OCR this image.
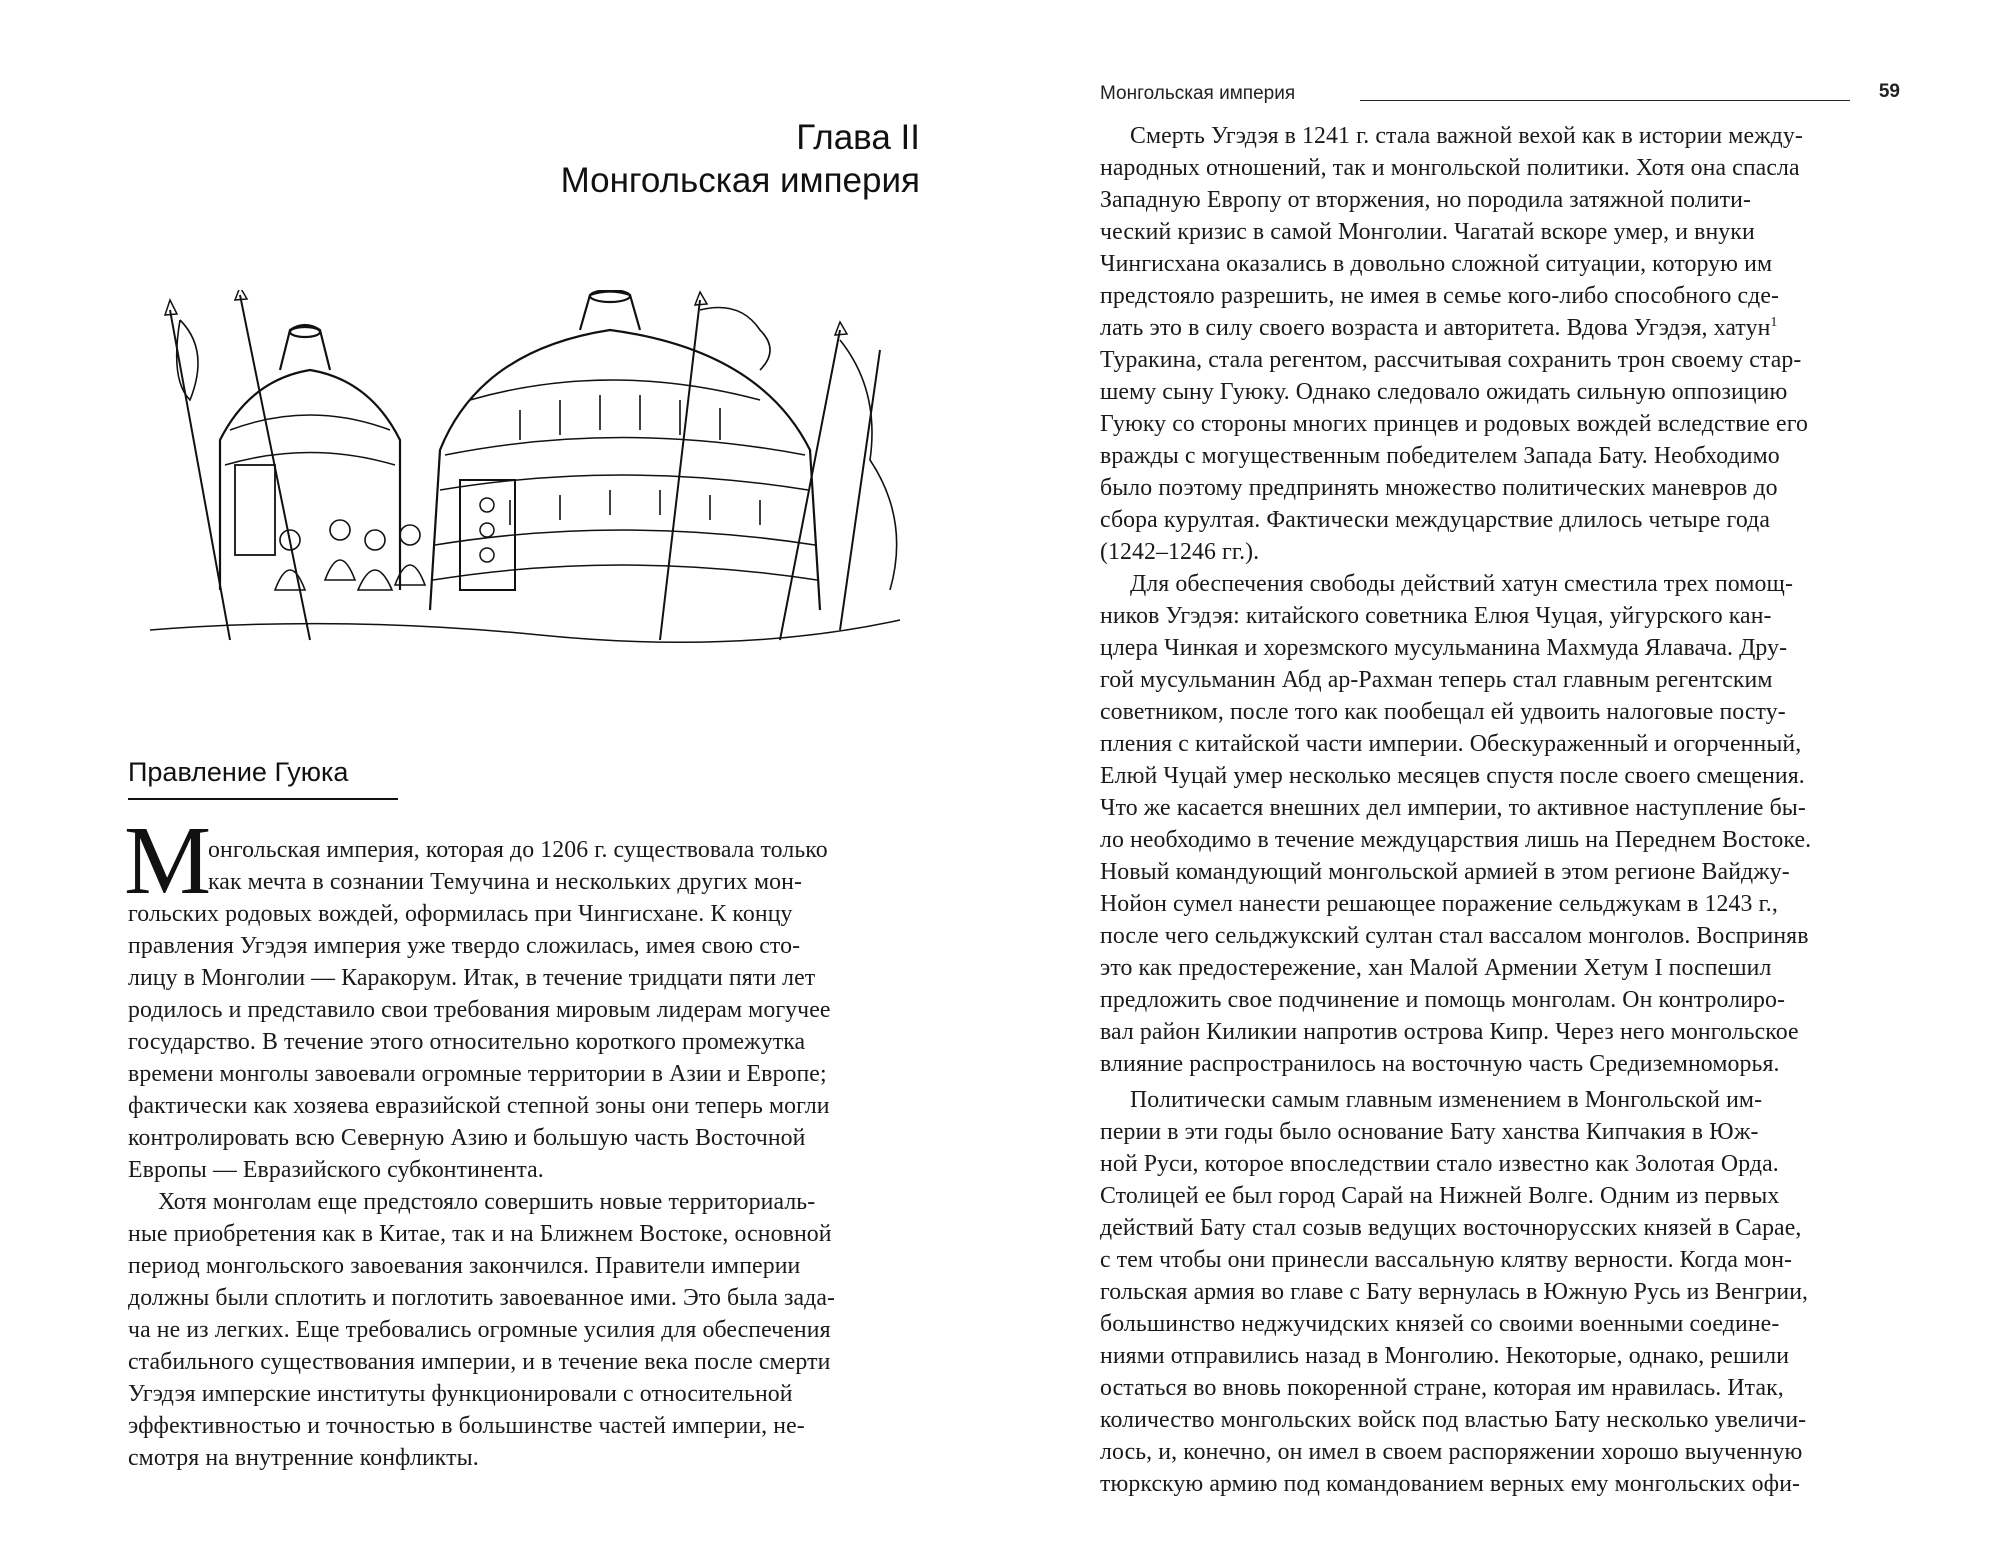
Глава II
Монгольская империя
Правление Гуюка
М
онгольская империя, которая до 1206 г. существовала только
как мечта в сознании Темучина и нескольких других мон-
гольских родовых вождей, оформилась при Чингисхане. К концу
правления Угэдэя империя уже твердо сложилась, имея свою сто-
лицу в Монголии — Каракорум. Итак, в течение тридцати пяти лет
родилось и представило свои требования мировым лидерам могучее
государство. В течение этого относительно короткого промежутка
времени монголы завоевали огромные территории в Азии и Европе;
фактически как хозяева евразийской степной зоны они теперь могли
контролировать всю Северную Азию и большую часть Восточной
Европы — Евразийского субконтинента.
Хотя монголам еще предстояло совершить новые территориаль-
ные приобретения как в Китае, так и на Ближнем Востоке, основной
период монгольского завоевания закончился. Правители империи
должны были сплотить и поглотить завоеванное ими. Это была зада-
ча не из легких. Еще требовались огромные усилия для обеспечения
стабильного существования империи, и в течение века после смерти
Угэдэя имперские институты функционировали с относительной
эффективностью и точностью в большинстве частей империи, не-
смотря на внутренние конфликты.
Монгольская империя	59
Смерть Угэдэя в 1241 г. стала важной вехой как в истории между-
народных отношений, так и монгольской политики. Хотя она спасла
Западную Европу от вторжения, но породила затяжной полити-
ческий кризис в самой Монголии. Чагатай вскоре умер, и внуки
Чингисхана оказались в довольно сложной ситуации, которую им
предстояло разрешить, не имея в семье кого-либо способного сде-
лать это в силу своего возраста и авторитета. Вдова Угэдэя, хатун$^1$
Туракина, стала регентом, рассчитывая сохранить трон своему стар-
шему сыну Гуюку. Однако следовало ожидать сильную оппозицию
Гуюку со стороны многих принцев и родовых вождей вследствие его
вражды с могущественным победителем Запада Бату. Необходимо
было поэтому предпринять множество политических маневров до
сбора курултая. Фактически междуцарствие длилось четыре года
(1242–1246 гг.).
Для обеспечения свободы действий хатун сместила трех помощ-
ников Угэдэя: китайского советника Елюя Чуцая, уйгурского кан-
цлера Чинкая и хорезмского мусульманина Махмуда Ялавача. Дру-
гой мусульманин Абд ар-Рахман теперь стал главным регентским
советником, после того как пообещал ей удвоить налоговые посту-
пления с китайской части империи. Обескураженный и огорченный,
Елюй Чуцай умер несколько месяцев спустя после своего смещения.
Что же касается внешних дел империи, то активное наступление бы-
ло необходимо в течение междуцарствия лишь на Переднем Востоке.
Новый командующий монгольской армией в этом регионе Вайджу-
Нойон сумел нанести решающее поражение сельджукам в 1243 г.,
после чего сельджукский султан стал вассалом монголов. Восприняв
это как предостережение, хан Малой Армении Хетум I поспешил
предложить свое подчинение и помощь монголам. Он контролиро-
вал район Киликии напротив острова Кипр. Через него монгольское
влияние распространилось на восточную часть Средиземноморья.
Политически самым главным изменением в Монгольской им-
перии в эти годы было основание Бату ханства Кипчакия в Юж-
ной Руси, которое впоследствии стало известно как Золотая Орда.
Столицей ее был город Сарай на Нижней Волге. Одним из первых
действий Бату стал созыв ведущих восточнорусских князей в Сарае,
с тем чтобы они принесли вассальную клятву верности. Когда мон-
гольская армия во главе с Бату вернулась в Южную Русь из Венгрии,
большинство неджучидских князей со своими военными соедине-
ниями отправились назад в Монголию. Некоторые, однако, решили
остаться во вновь покоренной стране, которая им нравилась. Итак,
количество монгольских войск под властью Бату несколько увеличи-
лось, и, конечно, он имел в своем распоряжении хорошо выученную
тюркскую армию под командованием верных ему монгольских офи-
